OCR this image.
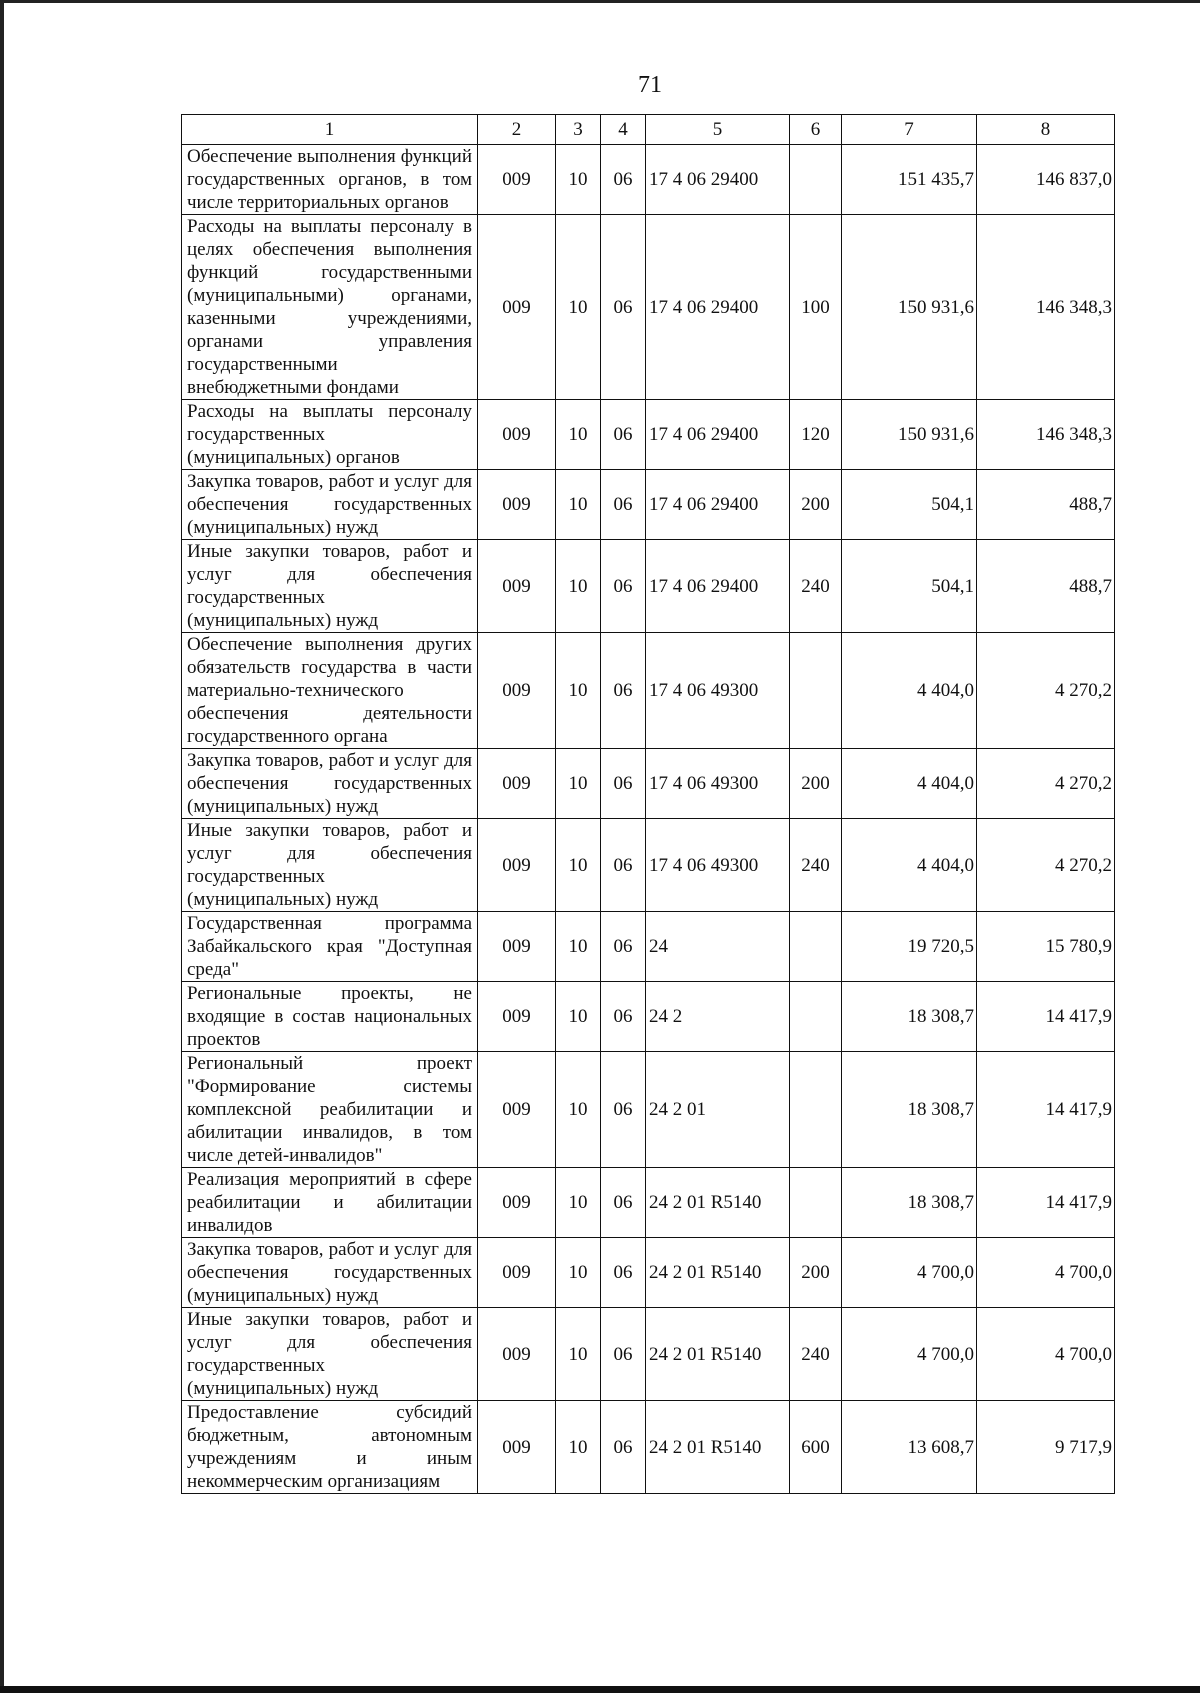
71
1	2	3	4	5	6	7	8
Обеспечение выполнения функций государственных органов, в том числе территориальных органов	009	10	06	17 4 06 29400		151 435,7	146 837,0
Расходы на выплаты персоналу в целях обеспечения выполнения функций государственными (муниципальными) органами, казенными учреждениями, органами управления государственными внебюджетными фондами	009	10	06	17 4 06 29400	100	150 931,6	146 348,3
Расходы на выплаты персоналу государственных (муниципальных) органов	009	10	06	17 4 06 29400	120	150 931,6	146 348,3
Закупка товаров, работ и услуг для обеспечения государственных (муниципальных) нужд	009	10	06	17 4 06 29400	200	504,1	488,7
Иные закупки товаров, работ и услуг для обеспечения государственных (муниципальных) нужд	009	10	06	17 4 06 29400	240	504,1	488,7
Обеспечение выполнения других обязательств государства в части материально-технического обеспечения деятельности государственного органа	009	10	06	17 4 06 49300		4 404,0	4 270,2
Закупка товаров, работ и услуг для обеспечения государственных (муниципальных) нужд	009	10	06	17 4 06 49300	200	4 404,0	4 270,2
Иные закупки товаров, работ и услуг для обеспечения государственных (муниципальных) нужд	009	10	06	17 4 06 49300	240	4 404,0	4 270,2
Государственная программа Забайкальского края "Доступная среда"	009	10	06	24		19 720,5	15 780,9
Региональные проекты, не входящие в состав национальных проектов	009	10	06	24 2		18 308,7	14 417,9
Региональный проект "Формирование системы комплексной реабилитации и абилитации инвалидов, в том числе детей-инвалидов"	009	10	06	24 2 01		18 308,7	14 417,9
Реализация мероприятий в сфере реабилитации и абилитации инвалидов	009	10	06	24 2 01 R5140		18 308,7	14 417,9
Закупка товаров, работ и услуг для обеспечения государственных (муниципальных) нужд	009	10	06	24 2 01 R5140	200	4 700,0	4 700,0
Иные закупки товаров, работ и услуг для обеспечения государственных (муниципальных) нужд	009	10	06	24 2 01 R5140	240	4 700,0	4 700,0
Предоставление субсидий бюджетным, автономным учреждениям и иным некоммерческим организациям	009	10	06	24 2 01 R5140	600	13 608,7	9 717,9
